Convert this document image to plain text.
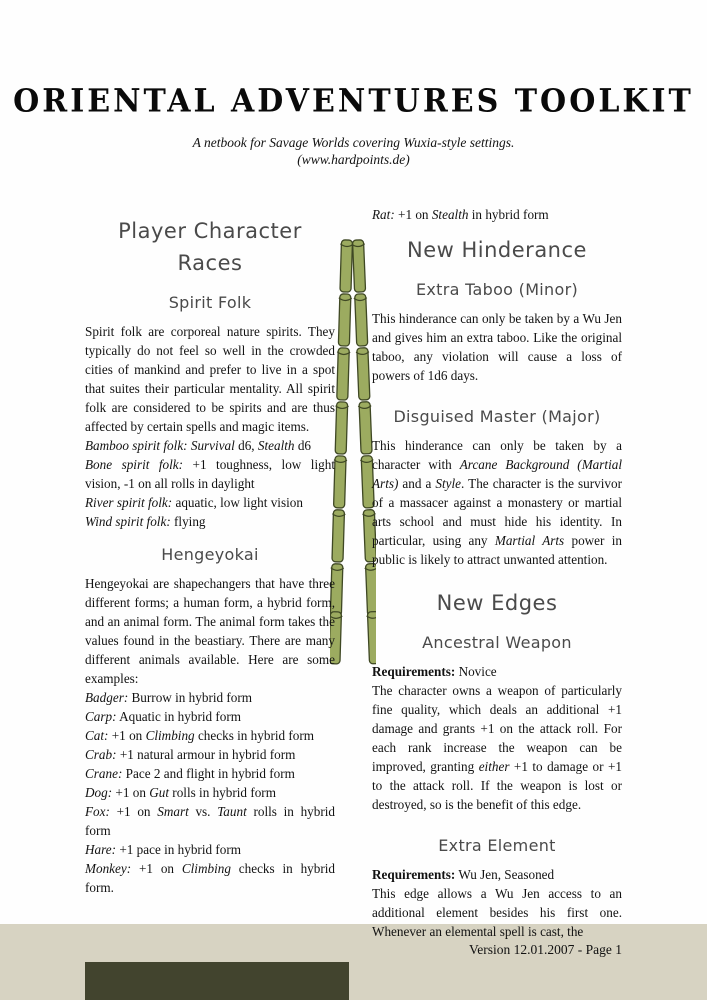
ORIENTAL ADVENTURES TOOLKIT
A netbook for Savage Worlds covering Wuxia-style settings.
(www.hardpoints.de)
Player Character Races
Spirit Folk

Spirit folk are corporeal nature spirits. They typically do not feel so well in the crowded cities of mankind and prefer to live in a spot that suites their particular mentality. All spirit folk are considered to be spirits and are thus affected by certain spells and magic items.

Bamboo spirit folk: Survival d6, Stealth d6

Bone spirit folk: +1 toughness, low light vision, -1 on all rolls in daylight

River spirit folk: aquatic, low light vision

Wind spirit folk: flying

Hengeyokai

Hengeyokai are shapechangers that have three different forms; a human form, a hybrid form, and an animal form. The animal form takes the values found in the beastiary. There are many different animals available. Here are some examples:

Badger: Burrow in hybrid form

Carp: Aquatic in hybrid form

Cat: +1 on Climbing checks in hybrid form

Crab: +1 natural armour in hybrid form

Crane: Pace 2 and flight in hybrid form

Dog: +1 on Gut rolls in hybrid form

Fox: +1 on Smart vs. Taunt rolls in hybrid form

Hare: +1 pace in hybrid form

Monkey: +1 on Climbing checks in hybrid form.

Rat: +1 on Stealth in hybrid form

New Hinderance
Extra Taboo (Minor)

This hinderance can only be taken by a Wu Jen and gives him an extra taboo. Like the original taboo, any violation will cause a loss of powers of 1d6 days.

Disguised Master (Major)

This hinderance can only be taken by a character with Arcane Background (Martial Arts) and a Style. The character is the survivor of a massacer against a monastery or martial arts school and must hide his identity. In particular, using any Martial Arts power in public is likely to attract unwanted attention.

New Edges
Ancestral Weapon

Requirements: Novice

The character owns a weapon of particularly fine quality, which deals an additional +1 damage and grants +1 on the attack roll. For each rank increase the weapon can be improved, granting either +1 to damage or +1 to the attack roll. If the weapon is lost or destroyed, so is the benefit of this edge.

Extra Element

Requirements: Wu Jen, Seasoned

This edge allows a Wu Jen access to an additional element besides his first one. Whenever an elemental spell is cast, the

Version 12.01.2007 - Page 1
